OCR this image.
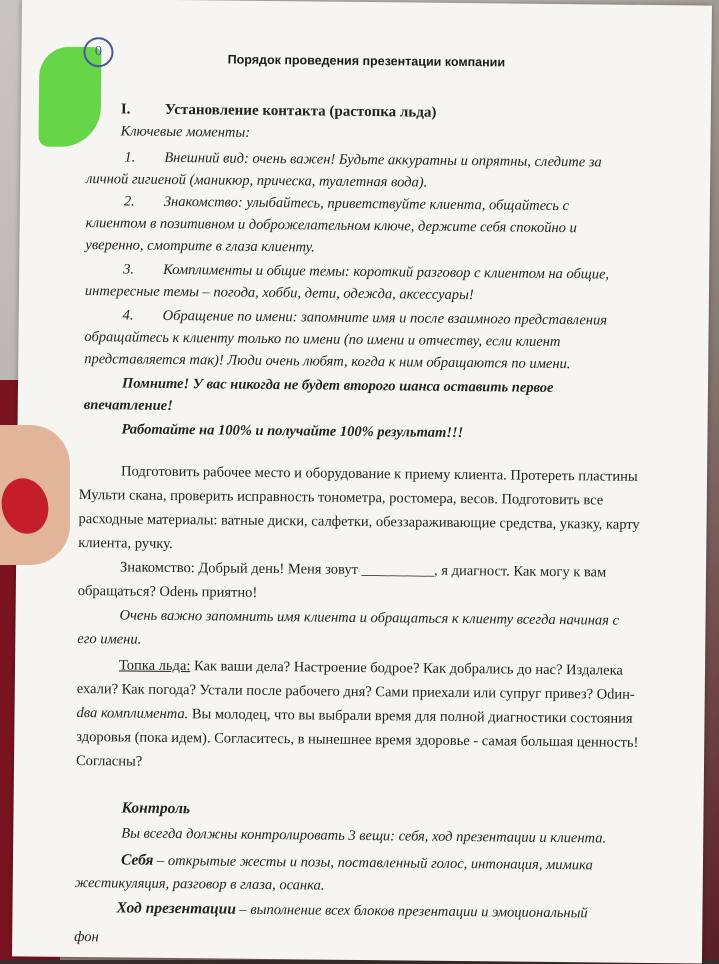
0
Порядок проведения презентации компании
I. Установление контакта (растопка льда)
Ключевые моменты:
1. Внешний вид: очень важен! Будьте аккуратны и опрятны, следите за
личной гигиеной (маникюр, прическа, туалетная вода).
2. Знакомство: улыбайтесь, приветствуйте клиента, общайтесь с
клиентом в позитивном и доброжелательном ключе, держите себя спокойно и
уверенно, смотрите в глаза клиенту.
3. Комплименты и общие темы: короткий разговор с клиентом на общие,
интересные темы – погода, хобби, дети, одежда, аксессуары!
4. Обращение по имени: запомните имя и после взаимного представления
обращайтесь к клиенту только по имени (по имени и отчеству, если клиент
представляется так)! Люди очень любят, когда к ним обращаются по имени.
Помните! У вас никогда не будет второго шанса оставить первое
впечатление!
Работайте на 100% и получайте 100% результат!!!
Подготовить рабочее место и оборудование к приему клиента. Протереть пластины
Мульти скана, проверить исправность тонометра, ростомера, весов. Подготовить все
расходные материалы: ватные диски, салфетки, обеззараживающие средства, указку, карту
клиента, ручку.
Знакомство: Добрый день! Меня зовут __________, я диагност. Как могу к вам
обращаться? Оdень приятно!
Очень важно запомнить имя клиента и обращаться к клиенту всегда начиная с
его имени.
Топка льда: Как ваши дела? Настроение бодрое? Как добрались до нас? Издалека
ехали? Как погода? Устали после рабочего дня? Сами приехали или супруг привез? Оdин-
dва комплимента. Вы молодец, что вы выбрали время для полной диагностики состояния
здоровья (пока идем). Согласитесь, в нынешнее время здоровье - самая большая ценность!
Согласны?
Контроль
Вы всегда должны контролировать 3 вещи: себя, ход презентации и клиента.
Себя – открытые жесты и позы, поставленный голос, интонация, мимика
жестикуляция, разговор в глаза, осанка.
Ход презентации – выполнение всех блоков презентации и эмоциональный
фон
